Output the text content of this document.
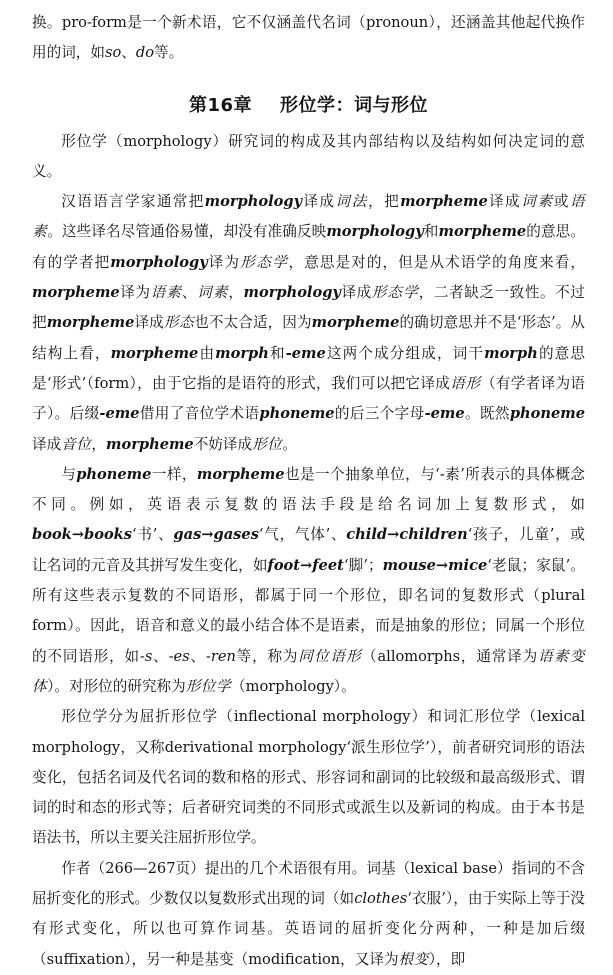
换。pro-form是一个新术语，它不仅涵盖代名词（pronoun），还涵盖其他起代换作用的词，如so、do等。

第16章 形位学：词与形位

形位学（morphology）研究词的构成及其内部结构以及结构如何决定词的意义。

汉语语言学家通常把morphology译成词法，把morpheme译成词素或语素。这些译名尽管通俗易懂，却没有准确反映morphology和morpheme的意思。有的学者把morphology译为形态学，意思是对的，但是从术语学的角度来看，morpheme译为语素、词素，morphology译成形态学，二者缺乏一致性。不过把morpheme译成形态也不太合适，因为morpheme的确切意思并不是‘形态’。从结构上看，morpheme由morph和-eme这两个成分组成，词干morph的意思是‘形式’（form），由于它指的是语符的形式，我们可以把它译成语形（有学者译为语子）。后缀-eme借用了音位学术语phoneme的后三个字母-eme。既然phoneme译成音位，morpheme不妨译成形位。

与phoneme一样，morpheme也是一个抽象单位，与‘-素’所表示的具体概念不同。例如，英语表示复数的语法手段是给名词加上复数形式，如book→books‘书’、gas→gases‘气，气体’、child→children‘孩子，儿童’，或让名词的元音及其拼写发生变化，如foot→feet‘脚’；mouse→mice‘老鼠；家鼠’。所有这些表示复数的不同语形，都属于同一个形位，即名词的复数形式（plural form）。因此，语音和意义的最小结合体不是语素，而是抽象的形位；同属一个形位的不同语形，如-s、-es、-ren等，称为同位语形（allomorphs，通常译为语素变体）。对形位的研究称为形位学（morphology）。

形位学分为屈折形位学（inflectional morphology）和词汇形位学（lexical morphology，又称derivational morphology‘派生形位学’），前者研究词形的语法变化，包括名词及代名词的数和格的形式、形容词和副词的比较级和最高级形式、谓词的时和态的形式等；后者研究词类的不同形式或派生以及新词的构成。由于本书是语法书，所以主要关注屈折形位学。

作者（266—267页）提出的几个术语很有用。词基（lexical base）指词的不含屈折变化的形式。少数仅以复数形式出现的词（如clothes‘衣服’），由于实际上等于没有形式变化，所以也可算作词基。英语词的屈折变化分两种，一种是加后缀（suffixation），另一种是基变（modification，又译为根变），即
